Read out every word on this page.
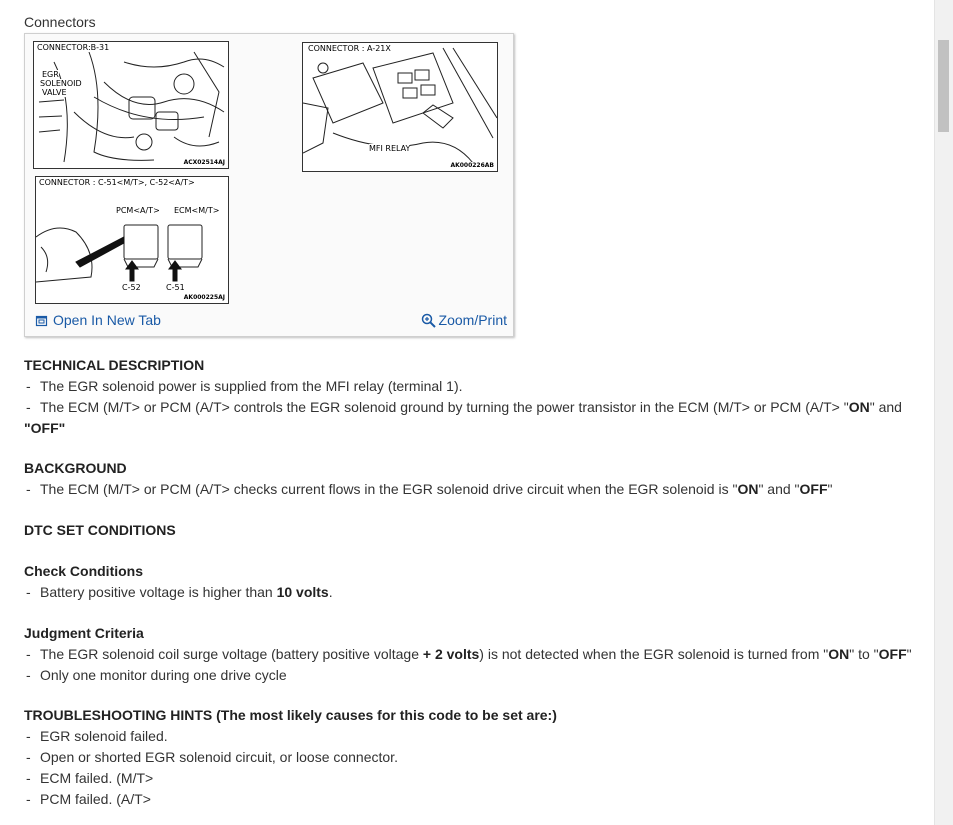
Connectors
CONNECTOR:B-31
EGR
SOLENOID
VALVE
ACX02514AJ
CONNECTOR : A-21X
MFI RELAY
AK000226AB
CONNECTOR : C-51<M/T>, C-52<A/T>
PCM<A/T> ECM<M/T>
C-52	C-51
AK000225AJ
Open In New Tab	Zoom/Print
TECHNICAL DESCRIPTION
- The EGR solenoid power is supplied from the MFI relay (terminal 1).
- The ECM (M/T> or PCM (A/T> controls the EGR solenoid ground by turning the power transistor in the ECM (M/T> or PCM (A/T> "ON" and
"OFF"
BACKGROUND
- The ECM (M/T> or PCM (A/T> checks current flows in the EGR solenoid drive circuit when the EGR solenoid is "ON" and "OFF"
DTC SET CONDITIONS
Check Conditions
- Battery positive voltage is higher than 10 volts.
Judgment Criteria
- The EGR solenoid coil surge voltage (battery positive voltage + 2 volts) is not detected when the EGR solenoid is turned from "ON" to "OFF"
- Only one monitor during one drive cycle
TROUBLESHOOTING HINTS (The most likely causes for this code to be set are:)
- EGR solenoid failed.
- Open or shorted EGR solenoid circuit, or loose connector.
- ECM failed. (M/T>
- PCM failed. (A/T>
